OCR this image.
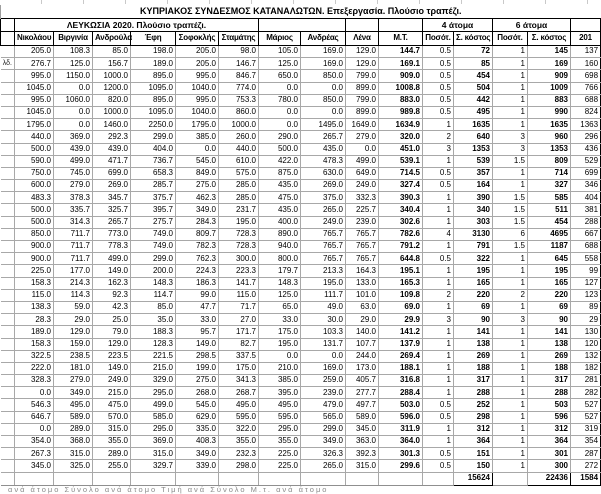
ΚΥΠΡΙΑΚΟΣ ΣΥΝΔΕΣΜΟΣ ΚΑΤΑΝΑΛΩΤΩΝ. Επεξεργασία. Πλούσιο τραπέζι.															
	ΛΕΥΚΩΣΙΑ 2020. Πλούσιο τραπέζι.										4 άτομα		6 άτομα		
	Νικολάου	Βιργινία	Ανδρούλα	Έφη	Σοφοκλής	Σταμάτης	Μάριος	Ανδρέας	Λένα	Μ.Τ.	Ποσότ.	Σ. κόστος	Ποσότ.	Σ. κόστος	201
	205.0	108.3	85.0	198.0	205.0	98.0	105.0	169.0	129.0	144.7	0.5	72	1	145	137
λδ.	276.7	125.0	156.7	189.0	205.0	146.7	125.0	169.0	129.0	169.1	0.5	85	1	169	160
	995.0	1150.0	1000.0	895.0	995.0	846.7	650.0	850.0	799.0	909.0	0.5	454	1	909	698
	1045.0	0.0	1200.0	1095.0	1040.0	774.0	0.0	0.0	899.0	1008.8	0.5	504	1	1009	766
	995.0	1060.0	820.0	895.0	995.0	753.3	780.0	850.0	799.0	883.0	0.5	442	1	883	688
	1045.0	0.0	1000.0	1095.0	1040.0	860.0	0.0	0.0	899.0	989.8	0.5	495	1	990	824
	1795.0	0.0	1460.0	2250.0	1795.0	1000.0	0.0	1495.0	1649.0	1634.9	1	1635	1	1635	1363
	440.0	369.0	292.3	299.0	385.0	260.0	290.0	265.7	279.0	320.0	2	640	3	960	296
	500.0	439.0	439.0	404.0	0.0	440.0	500.0	435.0	0.0	451.0	3	1353	3	1353	436
	590.0	499.0	471.7	736.7	545.0	610.0	422.0	478.3	499.0	539.1	1	539	1.5	809	529
	750.0	745.0	699.0	658.3	849.0	575.0	875.0	630.0	649.0	714.5	0.5	357	1	714	699
	600.0	279.0	269.0	285.7	275.0	285.0	435.0	269.0	249.0	327.4	0.5	164	1	327	346
	483.3	378.3	345.7	375.7	462.3	285.0	475.0	375.0	332.3	390.3	1	390	1.5	585	404
	500.0	335.7	325.7	395.7	349.0	231.7	435.0	265.0	225.7	340.4	1	340	1.5	511	381
	500.0	314.3	265.7	275.7	284.3	195.0	400.0	249.0	239.0	302.6	1	303	1.5	454	288
	850.0	711.7	773.0	749.0	809.7	728.3	890.0	765.7	765.7	782.6	4	3130	6	4695	667
	900.0	711.7	778.3	749.0	782.3	728.3	940.0	765.7	765.7	791.2	1	791	1.5	1187	688
	900.0	711.7	499.0	299.0	762.3	300.0	800.0	765.7	765.7	644.8	0.5	322	1	645	558
	225.0	177.0	149.0	200.0	224.3	223.3	179.7	213.3	164.3	195.1	1	195	1	195	99
	158.3	214.3	162.3	148.3	186.3	141.7	148.3	195.0	133.0	165.3	1	165	1	165	127
	115.0	114.3	92.3	114.7	99.0	115.0	125.0	111.7	101.0	109.8	2	220	2	220	123
	138.3	59.0	42.3	85.0	47.7	71.7	65.0	49.0	63.0	69.0	1	69	1	69	89
	28.3	29.0	25.0	35.0	33.0	27.0	33.0	30.0	29.0	29.9	3	90	3	90	29
	189.0	129.0	79.0	188.3	95.7	171.7	175.0	103.3	140.0	141.2	1	141	1	141	130
	158.3	159.0	129.0	128.3	149.0	82.7	195.0	131.7	107.7	137.9	1	138	1	138	120
	322.5	238.5	223.5	221.5	298.5	337.5	0.0	0.0	244.0	269.4	1	269	1	269	132
	222.0	181.0	149.0	215.0	199.0	175.0	210.0	169.0	173.0	188.1	1	188	1	188	182
	328.3	279.0	249.0	329.0	275.0	341.3	385.0	259.0	405.7	316.8	1	317	1	317	281
	0.0	349.0	215.0	295.0	268.0	268.7	395.0	239.0	277.7	288.4	1	288	1	288	282
	546.3	495.0	475.0	499.0	545.0	495.0	495.0	479.0	497.7	503.0	0.5	252	1	503	527
	646.7	589.0	570.0	585.0	629.0	595.0	595.0	565.0	589.0	596.0	0.5	298	1	596	527
	0.0	289.0	315.0	295.0	335.0	322.0	295.0	299.0	345.0	311.9	1	312	1	312	319
	354.0	368.0	355.0	369.0	408.3	355.0	355.0	349.0	363.0	364.0	1	364	1	364	354
	267.3	315.0	289.0	315.0	349.0	232.3	225.0	326.3	392.3	301.3	0.5	151	1	301	287
	345.0	325.0	255.0	329.7	339.0	298.0	225.0	265.0	315.0	299.6	0.5	150	1	300	272
												15624		22436	1584
ανά άτομο Σύνολο ανά άτομο Τιμή ανά Σύνολο Μ.τ. ανά άτομο
